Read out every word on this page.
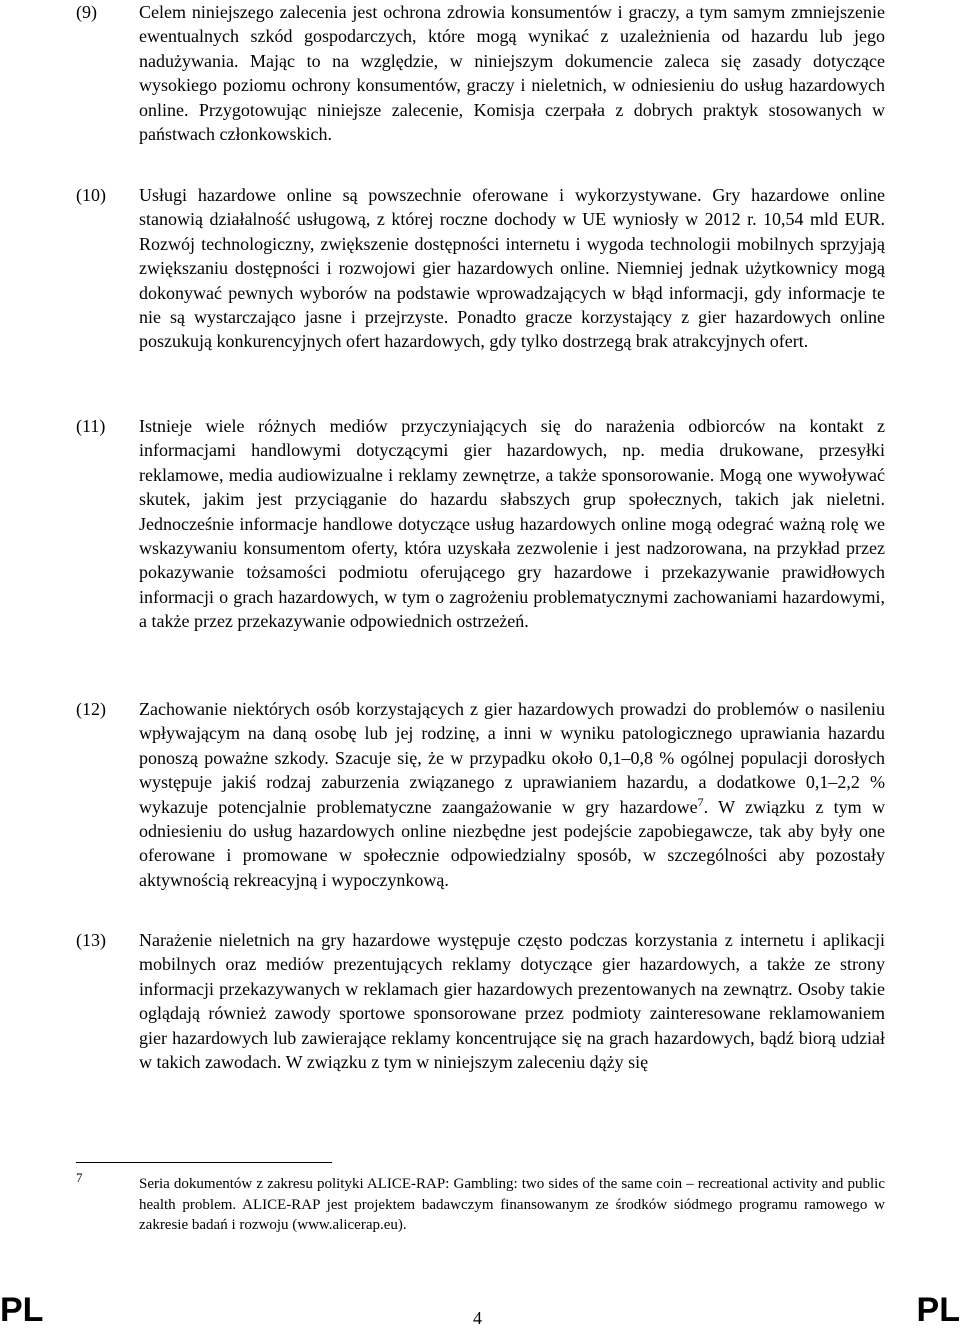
(9) Celem niniejszego zalecenia jest ochrona zdrowia konsumentów i graczy, a tym samym zmniejszenie ewentualnych szkód gospodarczych, które mogą wynikać z uzależnienia od hazardu lub jego nadużywania. Mając to na względzie, w niniejszym dokumencie zaleca się zasady dotyczące wysokiego poziomu ochrony konsumentów, graczy i nieletnich, w odniesieniu do usług hazardowych online. Przygotowując niniejsze zalecenie, Komisja czerpała z dobrych praktyk stosowanych w państwach członkowskich.
(10) Usługi hazardowe online są powszechnie oferowane i wykorzystywane. Gry hazardowe online stanowią działalność usługową, z której roczne dochody w UE wyniosły w 2012 r. 10,54 mld EUR. Rozwój technologiczny, zwiększenie dostępności internetu i wygoda technologii mobilnych sprzyjają zwiększaniu dostępności i rozwojowi gier hazardowych online. Niemniej jednak użytkownicy mogą dokonywać pewnych wyborów na podstawie wprowadzających w błąd informacji, gdy informacje te nie są wystarczająco jasne i przejrzyste. Ponadto gracze korzystający z gier hazardowych online poszukują konkurencyjnych ofert hazardowych, gdy tylko dostrzegą brak atrakcyjnych ofert.
(11) Istnieje wiele różnych mediów przyczyniających się do narażenia odbiorców na kontakt z informacjami handlowymi dotyczącymi gier hazardowych, np. media drukowane, przesyłki reklamowe, media audiowizualne i reklamy zewnętrze, a także sponsorowanie. Mogą one wywoływać skutek, jakim jest przyciąganie do hazardu słabszych grup społecznych, takich jak nieletni. Jednocześnie informacje handlowe dotyczące usług hazardowych online mogą odegrać ważną rolę we wskazywaniu konsumentom oferty, która uzyskała zezwolenie i jest nadzorowana, na przykład przez pokazywanie tożsamości podmiotu oferującego gry hazardowe i przekazywanie prawidłowych informacji o grach hazardowych, w tym o zagrożeniu problematycznymi zachowaniami hazardowymi, a także przez przekazywanie odpowiednich ostrzeżeń.
(12) Zachowanie niektórych osób korzystających z gier hazardowych prowadzi do problemów o nasileniu wpływającym na daną osobę lub jej rodzinę, a inni w wyniku patologicznego uprawiania hazardu ponoszą poważne szkody. Szacuje się, że w przypadku około 0,1–0,8 % ogólnej populacji dorosłych występuje jakiś rodzaj zaburzenia związanego z uprawianiem hazardu, a dodatkowe 0,1–2,2 % wykazuje potencjalnie problematyczne zaangażowanie w gry hazardowe$^7$. W związku z tym w odniesieniu do usług hazardowych online niezbędne jest podejście zapobiegawcze, tak aby były one oferowane i promowane w społecznie odpowiedzialny sposób, w szczególności aby pozostały aktywnością rekreacyjną i wypoczynkową.
(13) Narażenie nieletnich na gry hazardowe występuje często podczas korzystania z internetu i aplikacji mobilnych oraz mediów prezentujących reklamy dotyczące gier hazardowych, a także ze strony informacji przekazywanych w reklamach gier hazardowych prezentowanych na zewnątrz. Osoby takie oglądają również zawody sportowe sponsorowane przez podmioty zainteresowane reklamowaniem gier hazardowych lub zawierające reklamy koncentrujące się na grach hazardowych, bądź biorą udział w takich zawodach. W związku z tym w niniejszym zaleceniu dąży się
7	Seria dokumentów z zakresu polityki ALICE-RAP: Gambling: two sides of the same coin – recreational activity and public health problem. ALICE-RAP jest projektem badawczym finansowanym ze środków siódmego programu ramowego w zakresie badań i rozwoju (www.alicerap.eu).
PL	4	PL
